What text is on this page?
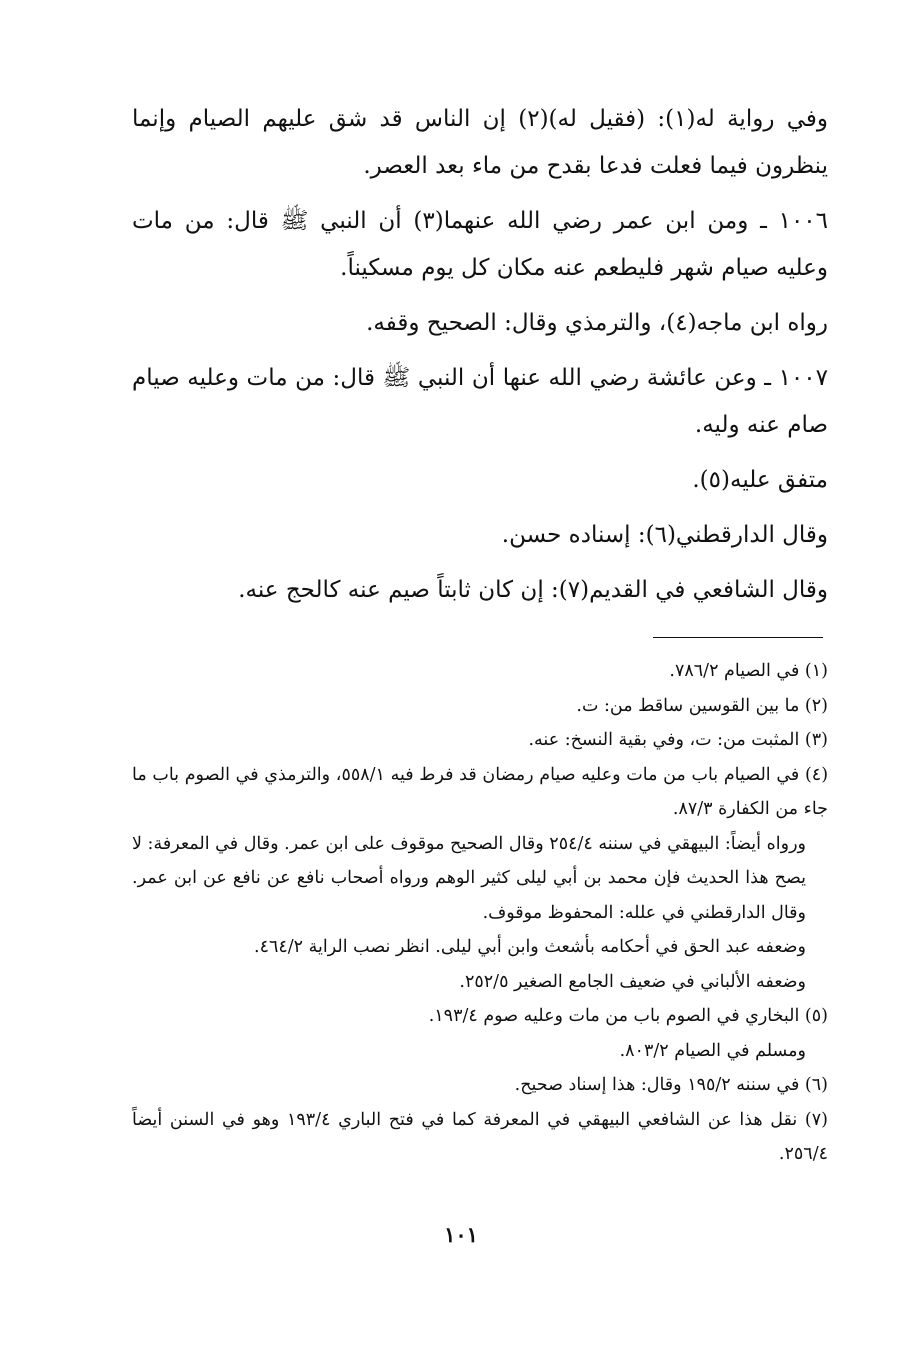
وفي رواية له(١): (فقيل له)(٢) إن الناس قد شق عليهم الصيام وإنما ينظرون فيما فعلت فدعا بقدح من ماء بعد العصر.

١٠٠٦ ـ ومن ابن عمر رضي الله عنهما(٣) أن النبي ﷺ قال: من مات وعليه صيام شهر فليطعم عنه مكان كل يوم مسكيناً.

رواه ابن ماجه(٤)، والترمذي وقال: الصحيح وقفه.

١٠٠٧ ـ وعن عائشة رضي الله عنها أن النبي ﷺ قال: من مات وعليه صيام صام عنه وليه.

متفق عليه(٥).

وقال الدارقطني(٦): إسناده حسن.

وقال الشافعي في القديم(٧): إن كان ثابتاً صيم عنه كالحج عنه.

(١) في الصيام ٧٨٦/٢.

(٢) ما بين القوسين ساقط من: ت.

(٣) المثبت من: ت، وفي بقية النسخ: عنه.

(٤) في الصيام باب من مات وعليه صيام رمضان قد فرط فيه ٥٥٨/١، والترمذي في الصوم باب ما جاء من الكفارة ٨٧/٣.

ورواه أيضاً: البيهقي في سننه ٢٥٤/٤ وقال الصحيح موقوف على ابن عمر. وقال في المعرفة: لا يصح هذا الحديث فإن محمد بن أبي ليلى كثير الوهم ورواه أصحاب نافع عن نافع عن ابن عمر. وقال الدارقطني في علله: المحفوظ موقوف.

وضعفه عبد الحق في أحكامه بأشعث وابن أبي ليلى. انظر نصب الراية ٤٦٤/٢.

وضعفه الألباني في ضعيف الجامع الصغير ٢٥٢/٥.

(٥) البخاري في الصوم باب من مات وعليه صوم ١٩٣/٤.

ومسلم في الصيام ٨٠٣/٢.

(٦) في سننه ١٩٥/٢ وقال: هذا إسناد صحيح.

(٧) نقل هذا عن الشافعي البيهقي في المعرفة كما في فتح الباري ١٩٣/٤ وهو في السنن أيضاً ٢٥٦/٤.

١٠١
